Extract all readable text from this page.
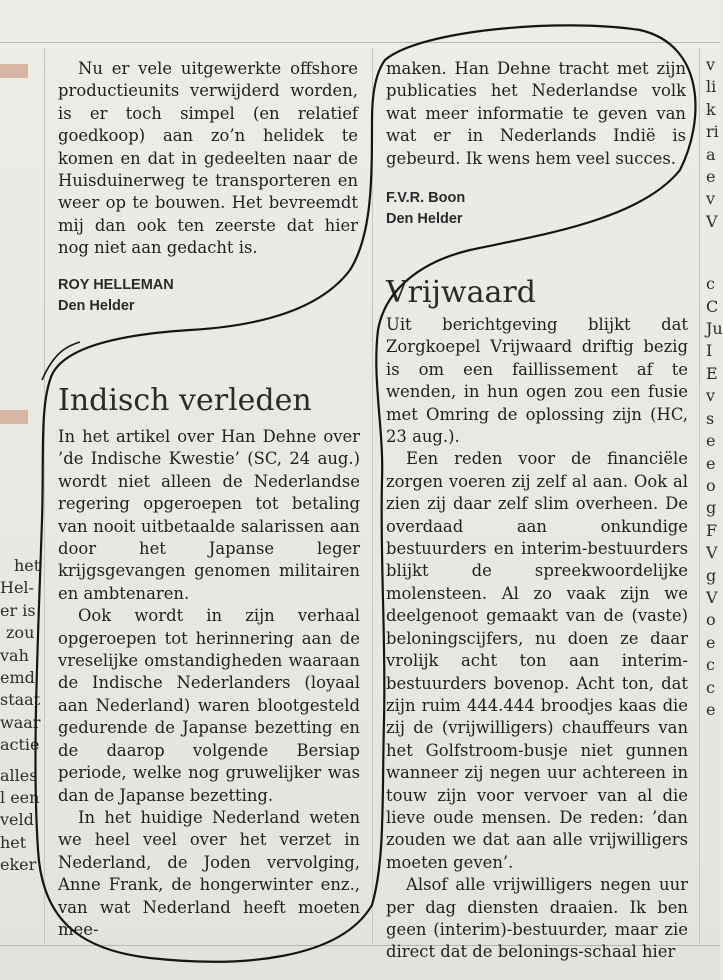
het
Hel-
er is
zou
vah
emd
staat
waar
actie
alles
l een
veld
het
eker
v
li
k
ri
a
e
v
V
c
C
Ju
I
E
v
s
e
e
o
g
F
V
g
V
o
e
c
c
e

Nu er vele uitgewerkte offshore productieunits verwijderd worden, is er toch simpel (en relatief goedkoop) aan zo’n helidek te komen en dat in gedeelten naar de Huisduinerweg te transporteren en weer op te bouwen. Het bevreemdt mij dan ook ten zeerste dat hier nog niet aan gedacht is.

ROY HELLEMAN
Den Helder

maken. Han Dehne tracht met zijn publicaties het Nederlandse volk wat meer informatie te geven van wat er in Nederlands Indië is gebeurd. Ik wens hem veel succes.

F.V.R. Boon
Den Helder
Indisch verleden

In het artikel over Han Dehne over ’de Indische Kwestie’ (SC, 24 aug.) wordt niet alleen de Nederlandse regering opgeroepen tot betaling van nooit uitbetaalde salarissen aan door het Japanse leger krijgsgevangen genomen militairen en ambtenaren.

Ook wordt in zijn verhaal opgeroepen tot herinnering aan de vreselijke omstandigheden waaraan de Indische Nederlanders (loyaal aan Nederland) waren blootgesteld gedurende de Japanse bezetting en de daarop volgende Bersiap periode, welke nog gruwelijker was dan de Japanse bezetting.

In het huidige Nederland weten we heel veel over het verzet in Nederland, de Joden vervolging, Anne Frank, de hongerwinter enz., van wat Nederland heeft moeten mee-

Vrijwaard

Uit berichtgeving blijkt dat Zorgkoepel Vrijwaard driftig bezig is om een faillissement af te wenden, in hun ogen zou een fusie met Omring de oplossing zijn (HC, 23 aug.).

Een reden voor de financiële zorgen voeren zij zelf al aan. Ook al zien zij daar zelf slim overheen. De overdaad aan onkundige bestuurders en interim-bestuurders blijkt de spreekwoordelijke molensteen. Al zo vaak zijn we deelgenoot gemaakt van de (vaste) beloningscijfers, nu doen ze daar vrolijk acht ton aan interim-bestuurders bovenop. Acht ton, dat zijn ruim 444.444 broodjes kaas die zij de (vrijwilligers) chauffeurs van het Golfstroom-busje niet gunnen wanneer zij negen uur achtereen in touw zijn voor vervoer van al die lieve oude mensen. De reden: ’dan zouden we dat aan alle vrijwilligers moeten geven’.

Alsof alle vrijwilligers negen uur per dag diensten draaien. Ik ben geen (interim)-bestuurder, maar zie direct dat de belonings-schaal hier
